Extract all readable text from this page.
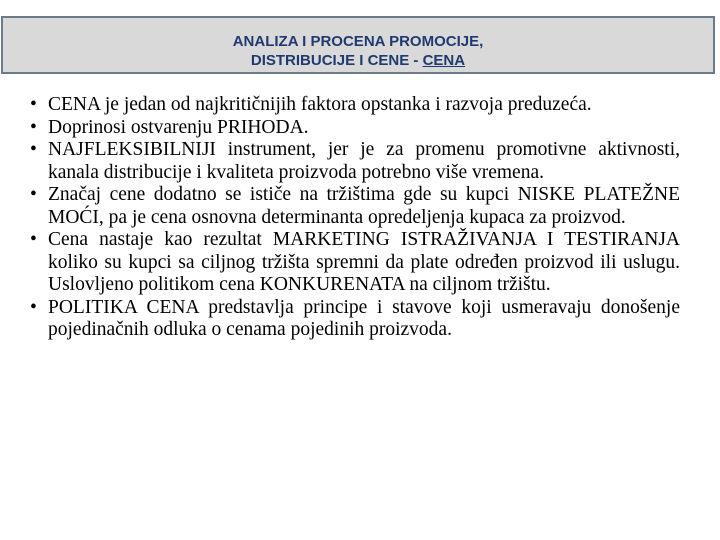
ANALIZA I PROCENA PROMOCIJE,
DISTRIBUCIJE I CENE - CENA
• CENA je jedan od najkritičnijih faktora opstanka i razvoja preduzeća.
• Doprinosi ostvarenju PRIHODA.
• NAJFLEKSIBILNIJI instrument, jer je za promenu promotivne aktivnosti, kanala distribucije i kvaliteta proizvoda potrebno više vremena.
• Značaj cene dodatno se ističe na tržištima gde su kupci NISKE PLATEŽNE MOĆI, pa je cena osnovna determinanta opredeljenja kupaca za proizvod.
• Cena nastaje kao rezultat MARKETING ISTRAŽIVANJA I TESTIRANJA koliko su kupci sa ciljnog tržišta spremni da plate određen proizvod ili uslugu. Uslovljeno politikom cena KONKURENATA na ciljnom tržištu.
• POLITIKA CENA predstavlja principe i stavove koji usmeravaju donošenje pojedinačnih odluka o cenama pojedinih proizvoda.
